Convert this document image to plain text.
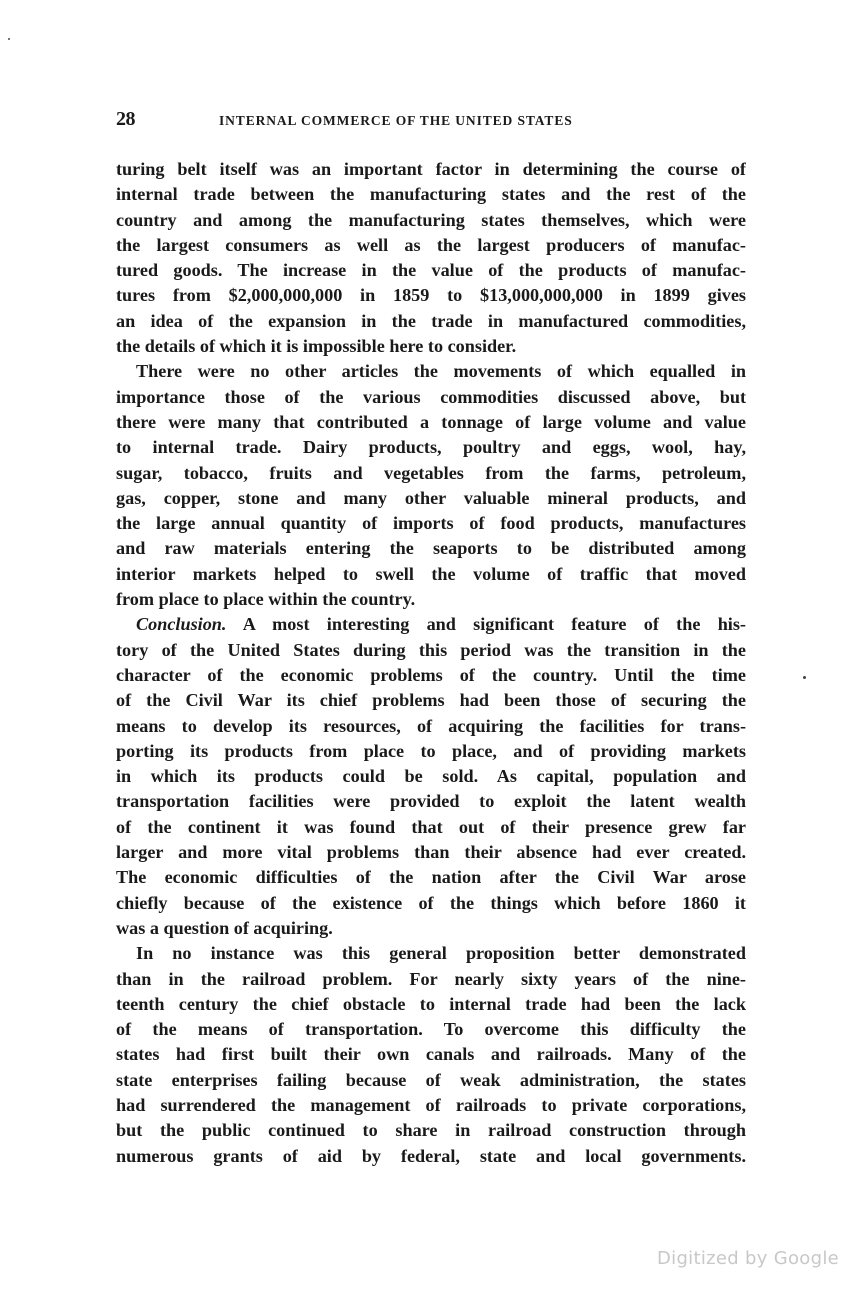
28	INTERNAL COMMERCE OF THE UNITED STATES
turing belt itself was an important factor in determining the course of
internal trade between the manufacturing states and the rest of the
country and among the manufacturing states themselves, which were
the largest consumers as well as the largest producers of manufac-
tured goods. The increase in the value of the products of manufac-
tures from $2,000,000,000 in 1859 to $13,000,000,000 in 1899 gives
an idea of the expansion in the trade in manufactured commodities,
the details of which it is impossible here to consider.
There were no other articles the movements of which equalled in
importance those of the various commodities discussed above, but
there were many that contributed a tonnage of large volume and value
to internal trade. Dairy products, poultry and eggs, wool, hay,
sugar, tobacco, fruits and vegetables from the farms, petroleum,
gas, copper, stone and many other valuable mineral products, and
the large annual quantity of imports of food products, manufactures
and raw materials entering the seaports to be distributed among
interior markets helped to swell the volume of traffic that moved
from place to place within the country.
Conclusion. A most interesting and significant feature of the his-
tory of the United States during this period was the transition in the
character of the economic problems of the country. Until the time
of the Civil War its chief problems had been those of securing the
means to develop its resources, of acquiring the facilities for trans-
porting its products from place to place, and of providing markets
in which its products could be sold. As capital, population and
transportation facilities were provided to exploit the latent wealth
of the continent it was found that out of their presence grew far
larger and more vital problems than their absence had ever created.
The economic difficulties of the nation after the Civil War arose
chiefly because of the existence of the things which before 1860 it
was a question of acquiring.
In no instance was this general proposition better demonstrated
than in the railroad problem. For nearly sixty years of the nine-
teenth century the chief obstacle to internal trade had been the lack
of the means of transportation. To overcome this difficulty the
states had first built their own canals and railroads. Many of the
state enterprises failing because of weak administration, the states
had surrendered the management of railroads to private corporations,
but the public continued to share in railroad construction through
numerous grants of aid by federal, state and local governments.
Digitized by Google
